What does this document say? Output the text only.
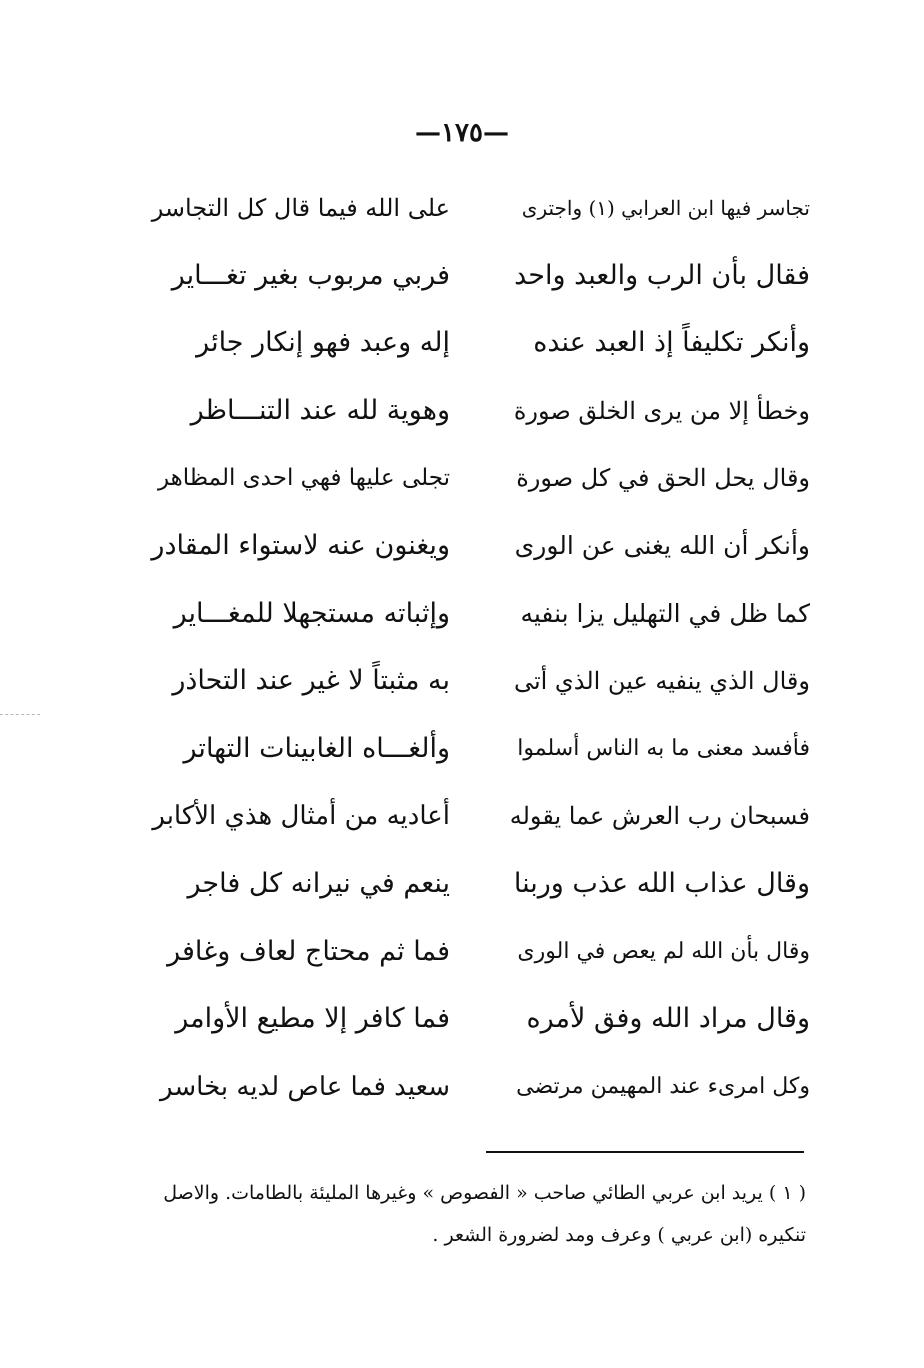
—١٧٥—
تجاسر فيها ابن العرابي (١) واجترى
على الله فيما قال كل التجاسر
فقال بأن الرب والعبد واحد
فربي مربوب بغير تغـــاير
وأنكر تكليفاً إذ العبد عنده
إله وعبد فهو إنكار جائر
وخطأ إلا من يرى الخلق صورة
وهوية لله عند التنـــاظر
وقال يحل الحق في كل صورة
تجلى عليها فهي احدى المظاهر
وأنكر أن الله يغنى عن الورى
ويغنون عنه لاستواء المقادر
كما ظل في التهليل يزا بنفيه
وإثباته مستجهلا للمغـــاير
وقال الذي ينفيه عين الذي أتى
به مثبتاً لا غير عند التحاذر
فأفسد معنى ما به الناس أسلموا
وألغـــاه الغابينات التهاتر
فسبحان رب العرش عما يقوله
أعاديه من أمثال هذي الأكابر
وقال عذاب الله عذب وربنا
ينعم في نيرانه كل فاجر
وقال بأن الله لم يعص في الورى
فما ثم محتاج لعاف وغافر
وقال مراد الله وفق لأمره
فما كافر إلا مطيع الأوامر
وكل امرىء عند المهيمن مرتضى
سعيد فما عاص لديه بخاسر
( ١ ) يريد ابن عربي الطائي صاحب « الفصوص » وغيرها المليئة بالطامات. والاصل
تنكيره (ابن عربي ) وعرف ومد لضرورة الشعر .
